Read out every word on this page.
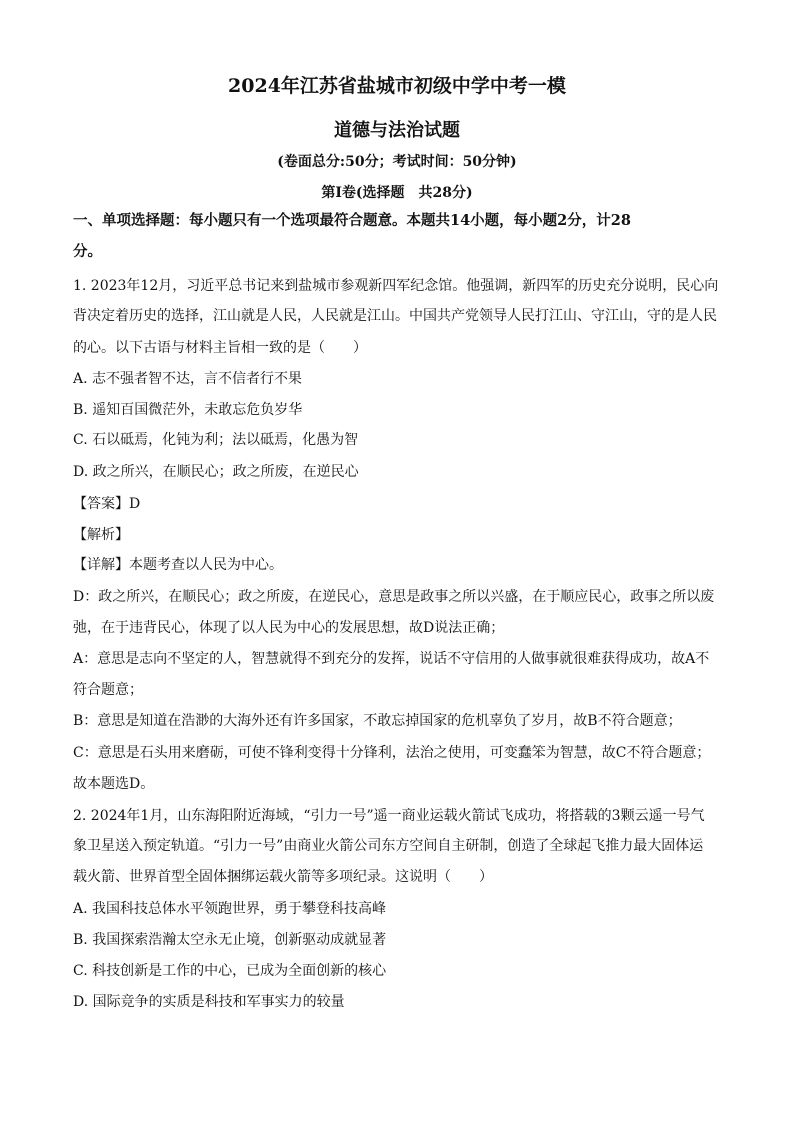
2024年江苏省盐城市初级中学中考一模
道德与法治试题
(卷面总分:50分；考试时间：50分钟)
第Ⅰ卷(选择题　共28分)
一、单项选择题：每小题只有一个选项最符合题意。本题共14小题，每小题2分，计28
分。
1. 2023年12月，习近平总书记来到盐城市参观新四军纪念馆。他强调，新四军的历史充分说明，民心向
背决定着历史的选择，江山就是人民，人民就是江山。中国共产党领导人民打江山、守江山，守的是人民
的心。以下古语与材料主旨相一致的是（　　）
A. 志不强者智不达，言不信者行不果
B. 遥知百国微茫外，未敢忘危负岁华
C. 石以砥焉，化钝为利；法以砥焉，化愚为智
D. 政之所兴，在顺民心；政之所废，在逆民心
【答案】D
【解析】
【详解】本题考查以人民为中心。
D：政之所兴，在顺民心；政之所废，在逆民心，意思是政事之所以兴盛，在于顺应民心，政事之所以废
弛，在于违背民心，体现了以人民为中心的发展思想，故D说法正确；
A：意思是志向不坚定的人，智慧就得不到充分的发挥，说话不守信用的人做事就很难获得成功，故A不
符合题意；
B：意思是知道在浩渺的大海外还有许多国家，不敢忘掉国家的危机辜负了岁月，故B不符合题意；
C：意思是石头用来磨砺，可使不锋利变得十分锋利，法治之使用，可变蠢笨为智慧，故C不符合题意；
故本题选D。
2. 2024年1月，山东海阳附近海域，“引力一号”遥一商业运载火箭试飞成功，将搭载的3颗云遥一号气
象卫星送入预定轨道。“引力一号”由商业火箭公司东方空间自主研制，创造了全球起飞推力最大固体运
载火箭、世界首型全固体捆绑运载火箭等多项纪录。这说明（　　）
A. 我国科技总体水平领跑世界，勇于攀登科技高峰
B. 我国探索浩瀚太空永无止境，创新驱动成就显著
C. 科技创新是工作的中心，已成为全面创新的核心
D. 国际竞争的实质是科技和军事实力的较量
